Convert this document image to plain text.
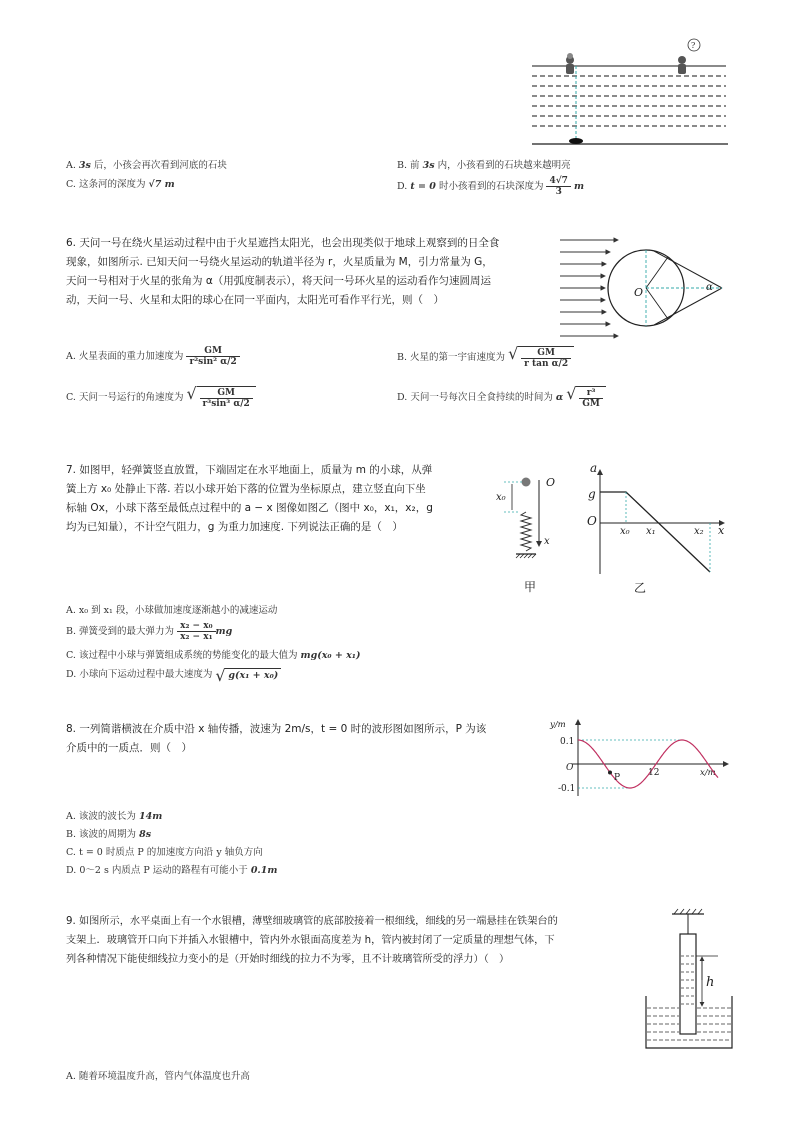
?
A. 3s 后，小孩会再次看到河底的石块	B. 前 3s 内，小孩看到的石块越来越明亮
C. 这条河的深度为 √7 m	D. t = 0 时小孩看到的石块深度为 $\frac{4√7}{3}$ m
6. 天问一号在绕火星运动过程中由于火星遮挡太阳光，也会出现类似于地球上观察到的日全食
现象，如图所示. 已知天问一号绕火星运动的轨道半径为 r，火星质量为 M，引力常量为 G，
天问一号相对于火星的张角为 α（用弧度制表示），将天问一号环火星的运动看作匀速圆周运
动，天问一号、火星和太阳的球心在同一平面内，太阳光可看作平行光，则（　）
O	α
A. 火星表面的重力加速度为 $\frac{GM}{\text{r²sin² α/2}}$	B. 火星的第一宇宙速度为 √ $\frac{GM}{\text{r tan α/2}}$
C. 天问一号运行的角速度为 √ $\frac{GM}{\text{r³sin³ α/2}}$	D. 天问一号每次日全食持续的时间为 α √ $\frac{\text{r³}}{GM}$
7. 如图甲，轻弹簧竖直放置，下端固定在水平地面上，质量为 m 的小球，从弹
簧上方 x₀ 处静止下落. 若以小球开始下落的位置为坐标原点，建立竖直向下坐
标轴 Ox，小球下落至最低点过程中的 a − x 图像如图乙（图中 x₀，x₁，x₂，g
均为已知量），不计空气阻力，g 为重力加速度. 下列说法正确的是（　）
x₀
O
x
甲
a
g
O
x₀ x₁	x₂ x
乙
A. x₀ 到 x₁ 段，小球做加速度逐渐越小的减速运动
B. 弹簧受到的最大弹力为 $\frac{\text{x₂ − x₀}}{\text{x₂ − x₁}}$ mg
C. 该过程中小球与弹簧组成系统的势能变化的最大值为 mg(x₀ + x₁)
D. 小球向下运动过程中最大速度为 √ g(x₁ + x₀)
8. 一列简谐横波在介质中沿 x 轴传播，波速为 2m/s，t = 0 时的波形图如图所示，P 为该
介质中的一质点．则（　）
y/m
x/m
0.1
-0.1
O
P	12
A. 该波的波长为 14m
B. 该波的周期为 8s
C. t = 0 时质点 P 的加速度方向沿 y 轴负方向
D. 0～2 s 内质点 P 运动的路程有可能小于 0.1m
9. 如图所示，水平桌面上有一个水银槽，薄壁细玻璃管的底部胶接着一根细线，细线的另一端悬挂在铁架台的
支架上．玻璃管开口向下并插入水银槽中，管内外水银面高度差为 h，管内被封闭了一定质量的理想气体，下
列各种情况下能使细线拉力变小的是（开始时细线的拉力不为零，且不计玻璃管所受的浮力）（　）
h
A. 随着环境温度升高，管内气体温度也升高
